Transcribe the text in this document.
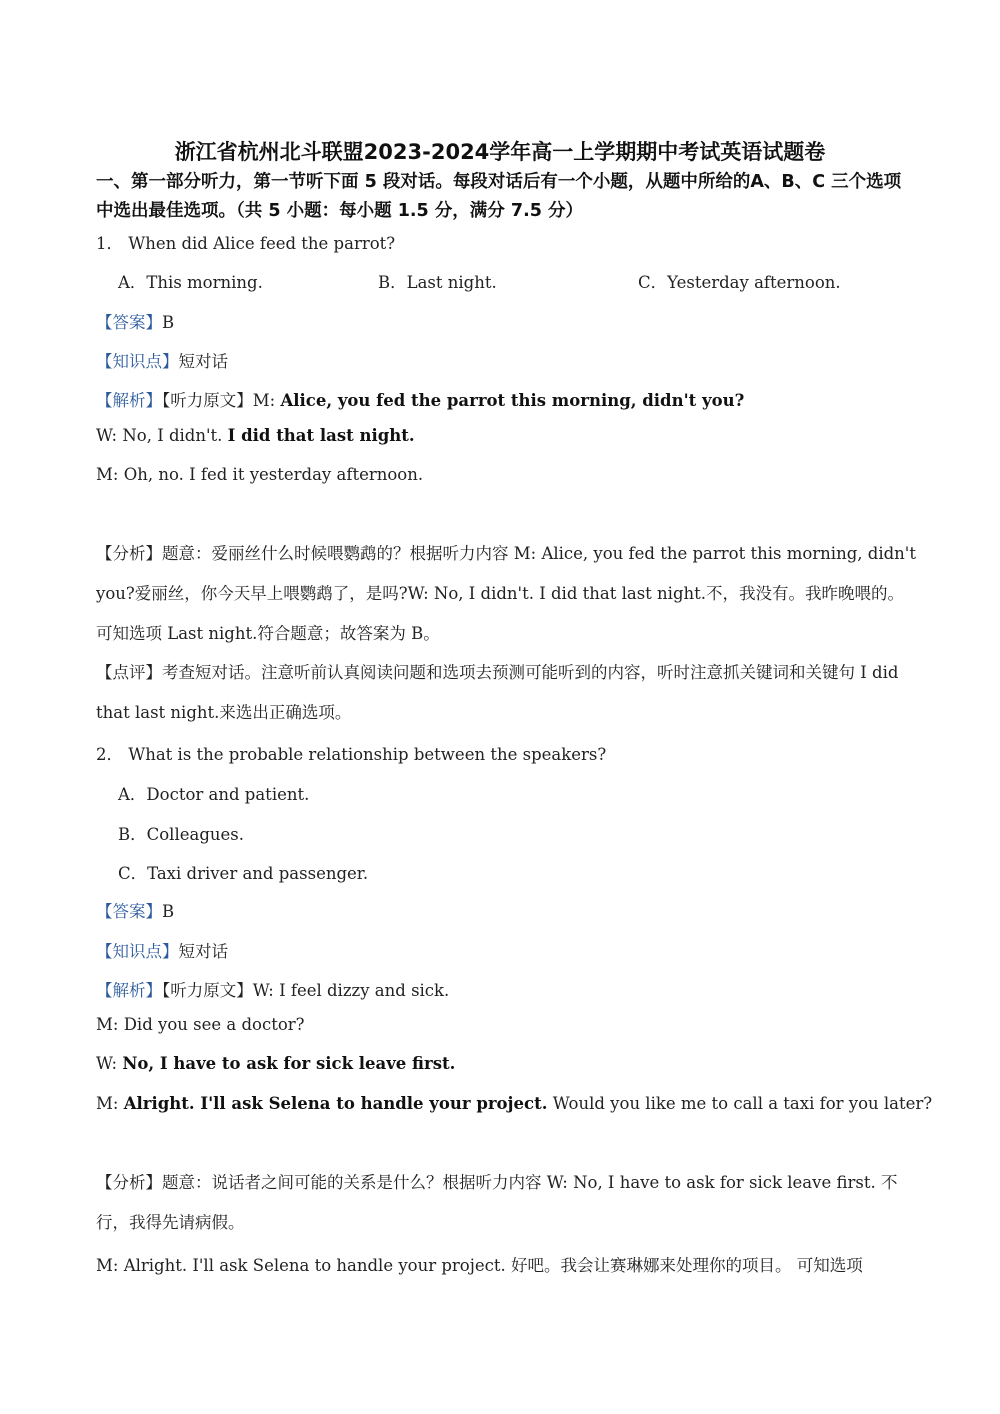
浙江省杭州北斗联盟2023-2024学年高一上学期期中考试英语试题卷
一、第一部分听力，第一节听下面 5 段对话。每段对话后有一个小题，从题中所给的A、B、C 三个选项中选出最佳选项。（共 5 小题：每小题 1.5 分，满分 7.5 分）
1． When did Alice feed the parrot?
A．This morning.	B．Last night.	C．Yesterday afternoon.
【答案】B
【知识点】短对话
【解析】【听力原文】M: Alice, you fed the parrot this morning, didn't you?
W: No, I didn't. I did that last night.
M: Oh, no. I fed it yesterday afternoon.
【分析】题意：爱丽丝什么时候喂鹦鹉的？根据听力内容 M: Alice, you fed the parrot this morning, didn't you?爱丽丝，你今天早上喂鹦鹉了，是吗?W: No, I didn't. I did that last night.不，我没有。我昨晚喂的。 可知选项 Last night.符合题意；故答案为 B。
【点评】考查短对话。注意听前认真阅读问题和选项去预测可能听到的内容，听时注意抓关键词和关键句 I did that last night.来选出正确选项。
2． What is the probable relationship between the speakers?
A．Doctor and patient.
B．Colleagues.
C．Taxi driver and passenger.
【答案】B
【知识点】短对话
【解析】【听力原文】W: I feel dizzy and sick.
M: Did you see a doctor?
W: No, I have to ask for sick leave first.
M: Alright. I'll ask Selena to handle your project. Would you like me to call a taxi for you later?
【分析】题意：说话者之间可能的关系是什么？根据听力内容 W: No, I have to ask for sick leave first. 不行，我得先请病假。
M: Alright. I'll ask Selena to handle your project. 好吧。我会让赛琳娜来处理你的项目。 可知选项
